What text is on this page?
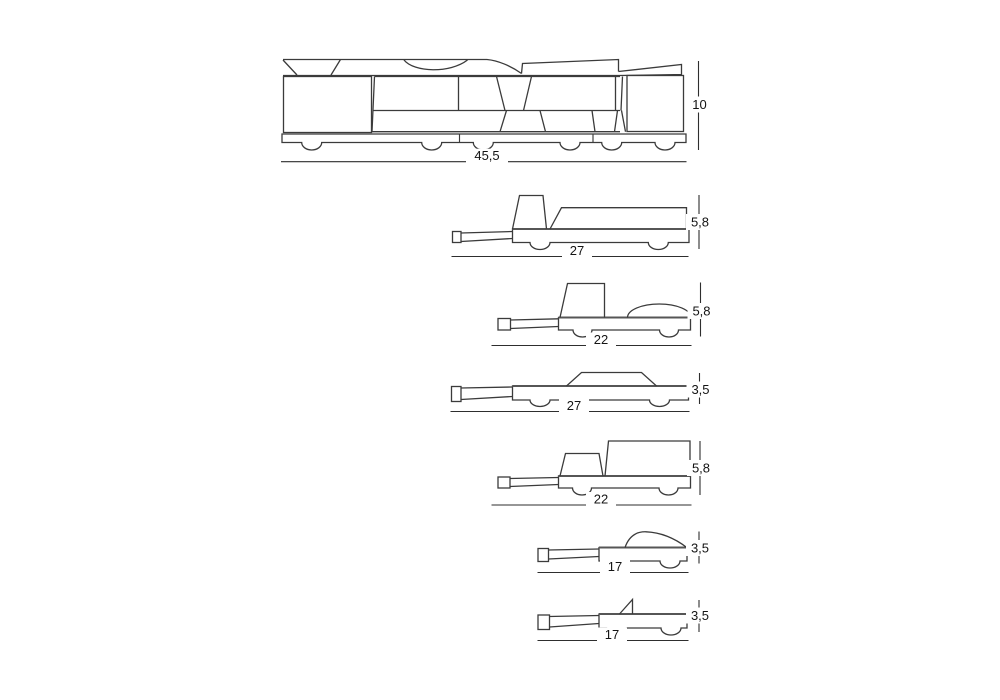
45,5
10
27
5,8
22
5,8
27
3,5
22
5,8
17
3,5
17
3,5
